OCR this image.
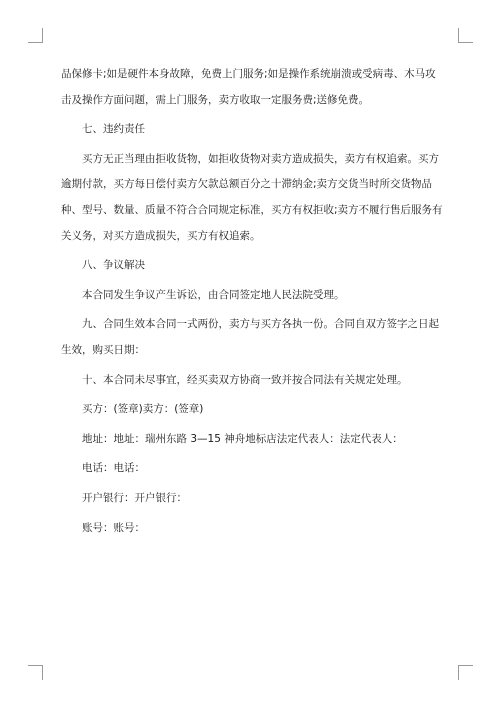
品保修卡;如是硬件本身故障，免费上门服务;如是操作系统崩溃或受病毒、木马攻击及操作方面问题，需上门服务，卖方收取一定服务费;送修免费。

七、违约责任

买方无正当理由拒收货物，如拒收货物对卖方造成损失，卖方有权追索。买方逾期付款，买方每日偿付卖方欠款总额百分之十滞纳金;卖方交货当时所交货物品种、型号、数量、质量不符合合同规定标准，买方有权拒收;卖方不履行售后服务有关义务，对买方造成损失，买方有权追索。

八、争议解决

本合同发生争议产生诉讼，由合同签定地人民法院受理。

九、合同生效本合同一式两份，卖方与买方各执一份。合同自双方签字之日起生效，购买日期：

十、本合同未尽事宜，经买卖双方协商一致并按合同法有关规定处理。

买方：(签章)卖方：(签章)

地址：地址：瑞州东路 3—15 神舟地标店法定代表人：法定代表人：

电话：电话：

开户银行：开户银行：

账号：账号：
